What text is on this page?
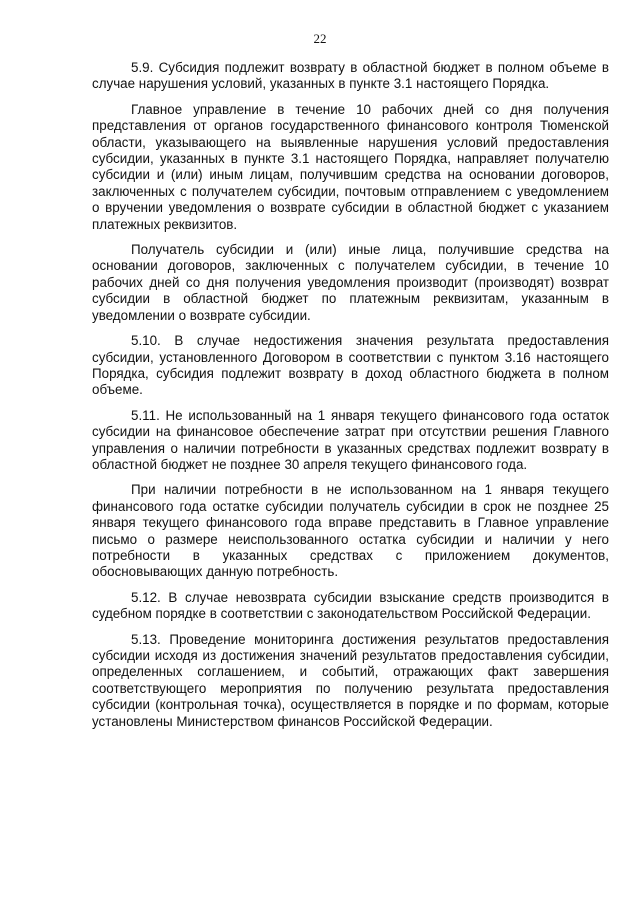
22

5.9. Субсидия подлежит возврату в областной бюджет в полном объеме в случае нарушения условий, указанных в пункте 3.1 настоящего Порядка.

Главное управление в течение 10 рабочих дней со дня получения представления от органов государственного финансового контроля Тюменской области, указывающего на выявленные нарушения условий предоставления субсидии, указанных в пункте 3.1 настоящего Порядка, направляет получателю субсидии и (или) иным лицам, получившим средства на основании договоров, заключенных с получателем субсидии, почтовым отправлением с уведомлением о вручении уведомления о возврате субсидии в областной бюджет с указанием платежных реквизитов.

Получатель субсидии и (или) иные лица, получившие средства на основании договоров, заключенных с получателем субсидии, в течение 10 рабочих дней со дня получения уведомления производит (производят) возврат субсидии в областной бюджет по платежным реквизитам, указанным в уведомлении о возврате субсидии.

5.10. В случае недостижения значения результата предоставления субсидии, установленного Договором в соответствии с пунктом 3.16 настоящего Порядка, субсидия подлежит возврату в доход областного бюджета в полном объеме.

5.11. Не использованный на 1 января текущего финансового года остаток субсидии на финансовое обеспечение затрат при отсутствии решения Главного управления о наличии потребности в указанных средствах подлежит возврату в областной бюджет не позднее 30 апреля текущего финансового года.

При наличии потребности в не использованном на 1 января текущего финансового года остатке субсидии получатель субсидии в срок не позднее 25 января текущего финансового года вправе представить в Главное управление письмо о размере неиспользованного остатка субсидии и наличии у него потребности в указанных средствах с приложением документов, обосновывающих данную потребность.

5.12. В случае невозврата субсидии взыскание средств производится в судебном порядке в соответствии с законодательством Российской Федерации.

5.13. Проведение мониторинга достижения результатов предоставления субсидии исходя из достижения значений результатов предоставления субсидии, определенных соглашением, и событий, отражающих факт завершения соответствующего мероприятия по получению результата предоставления субсидии (контрольная точка), осуществляется в порядке и по формам, которые установлены Министерством финансов Российской Федерации.
